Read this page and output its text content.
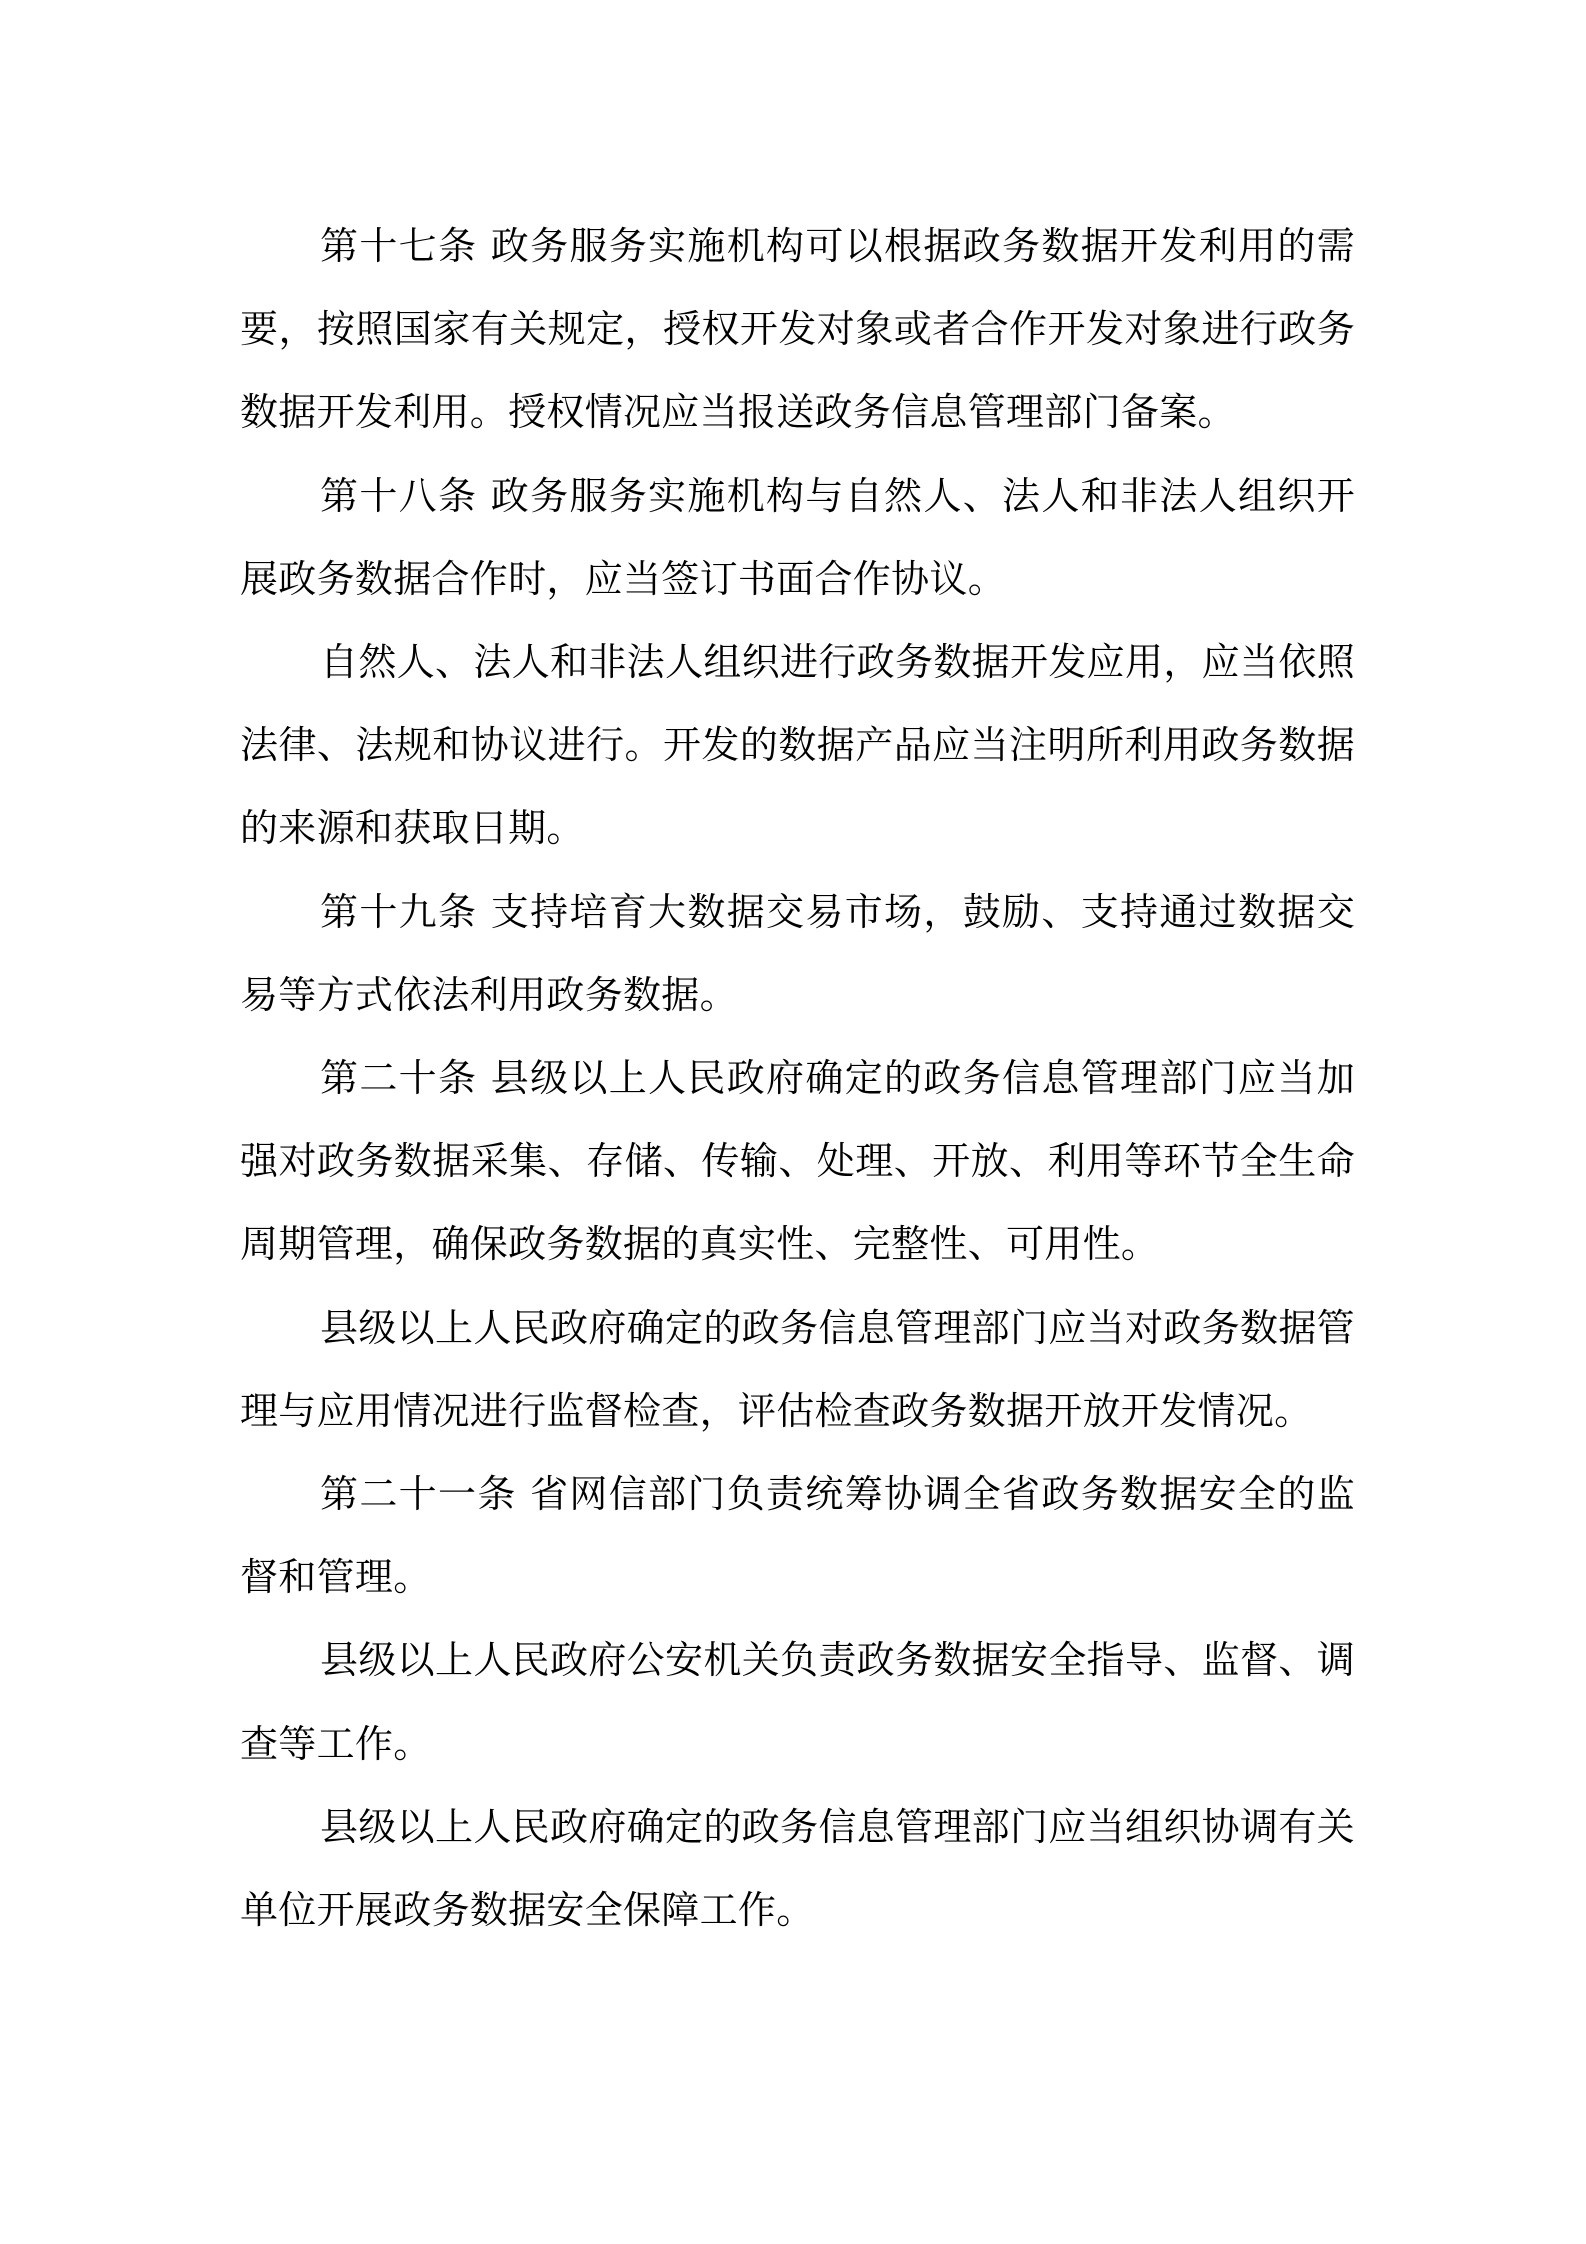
第十七条 政务服务实施机构可以根据政务数据开发利用的需要，按照国家有关规定，授权开发对象或者合作开发对象进行政务数据开发利用。授权情况应当报送政务信息管理部门备案。

第十八条 政务服务实施机构与自然人、法人和非法人组织开展政务数据合作时，应当签订书面合作协议。

自然人、法人和非法人组织进行政务数据开发应用，应当依照法律、法规和协议进行。开发的数据产品应当注明所利用政务数据的来源和获取日期。

第十九条 支持培育大数据交易市场，鼓励、支持通过数据交易等方式依法利用政务数据。

第二十条 县级以上人民政府确定的政务信息管理部门应当加强对政务数据采集、存储、传输、处理、开放、利用等环节全生命周期管理，确保政务数据的真实性、完整性、可用性。

县级以上人民政府确定的政务信息管理部门应当对政务数据管理与应用情况进行监督检查，评估检查政务数据开放开发情况。

第二十一条 省网信部门负责统筹协调全省政务数据安全的监督和管理。

县级以上人民政府公安机关负责政务数据安全指导、监督、调查等工作。

县级以上人民政府确定的政务信息管理部门应当组织协调有关单位开展政务数据安全保障工作。
